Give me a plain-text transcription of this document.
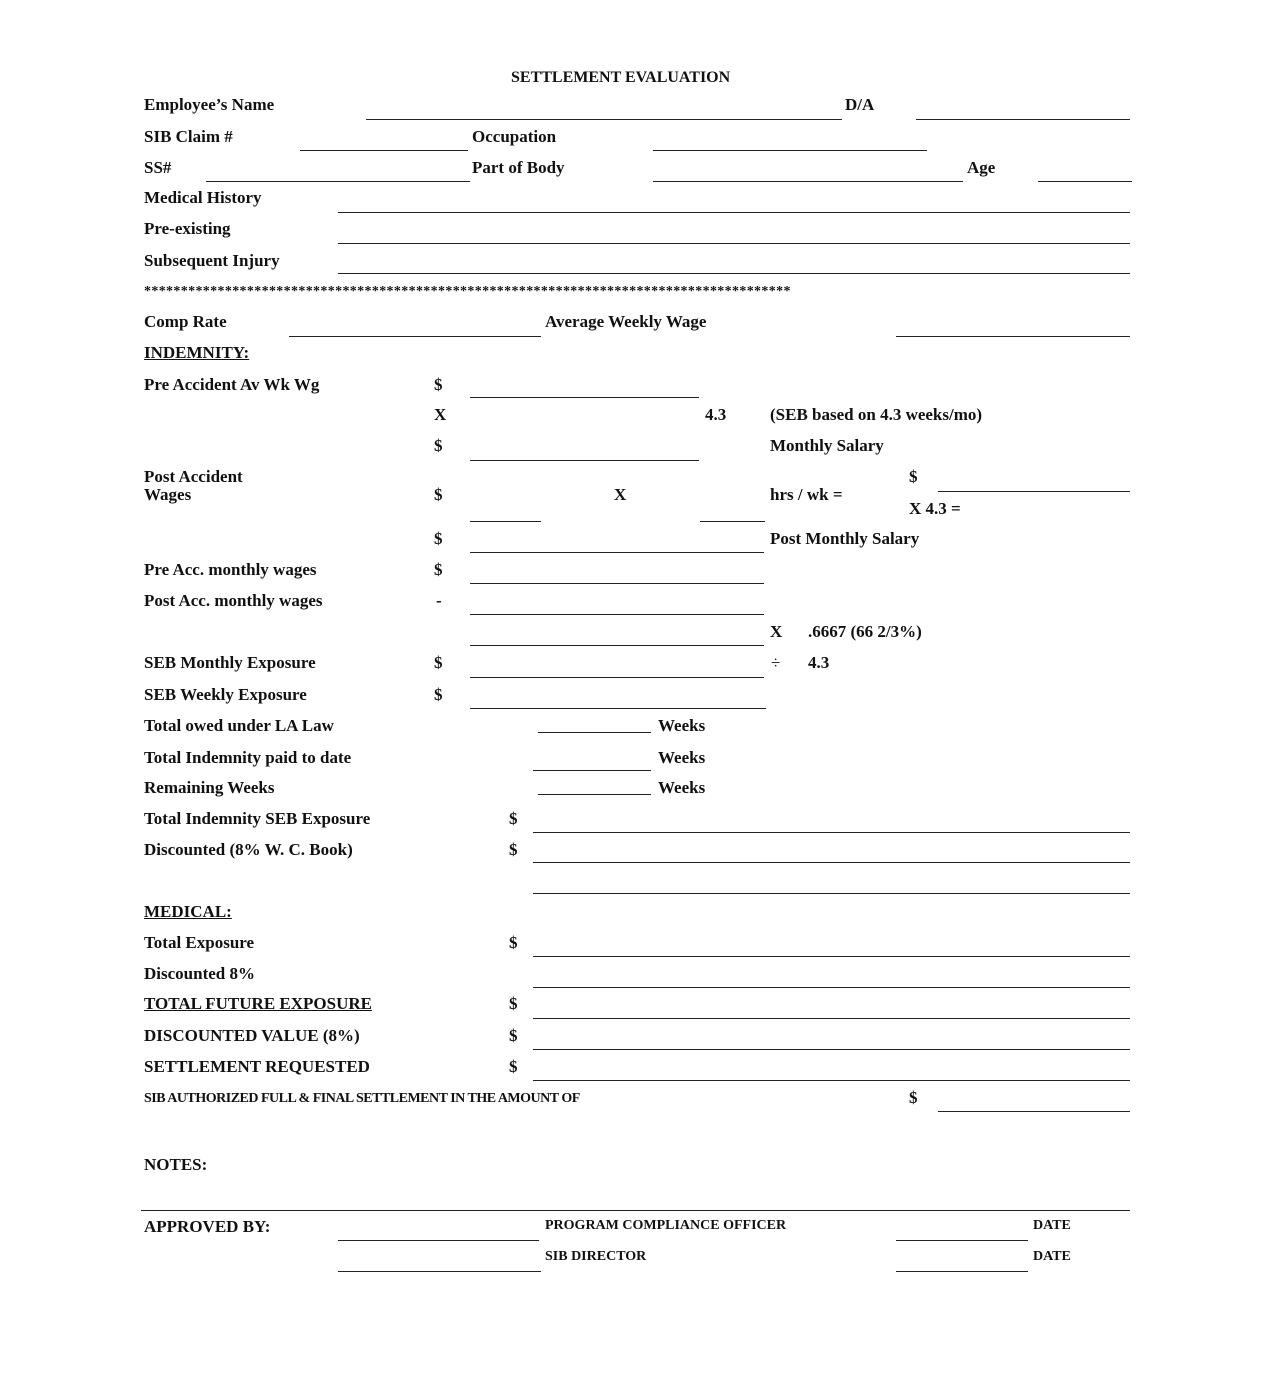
SETTLEMENT EVALUATION
Employee’s Name	D/A
SIB Claim #	Occupation
SS#	Part of Body	Age
Medical History
Pre-existing
Subsequent Injury
****************************************************************************************
Comp Rate	Average Weekly Wage
INDEMNITY:
Pre Accident Av Wk Wg	$
X	4.3	(SEB based on 4.3 weeks/mo)
$	Monthly Salary
Post Accident
Wages	$	X	hrs / wk =
$
X 4.3 =
$	Post Monthly Salary
Pre Acc. monthly wages	$
Post Acc. monthly wages	-
X .6667 (66 2/3%)
SEB Monthly Exposure	$	÷ 4.3
SEB Weekly Exposure	$
Total owed under LA Law	Weeks
Total Indemnity paid to date	Weeks
Remaining Weeks	Weeks
Total Indemnity SEB Exposure	$
Discounted (8% W. C. Book)	$
MEDICAL:
Total Exposure	$
Discounted 8%
TOTAL FUTURE EXPOSURE	$
DISCOUNTED VALUE (8%)	$
SETTLEMENT REQUESTED	$
SIB AUTHORIZED FULL & FINAL SETTLEMENT IN THE AMOUNT OF	$
NOTES:
APPROVED BY:	PROGRAM COMPLIANCE OFFICER	DATE
SIB DIRECTOR	DATE
